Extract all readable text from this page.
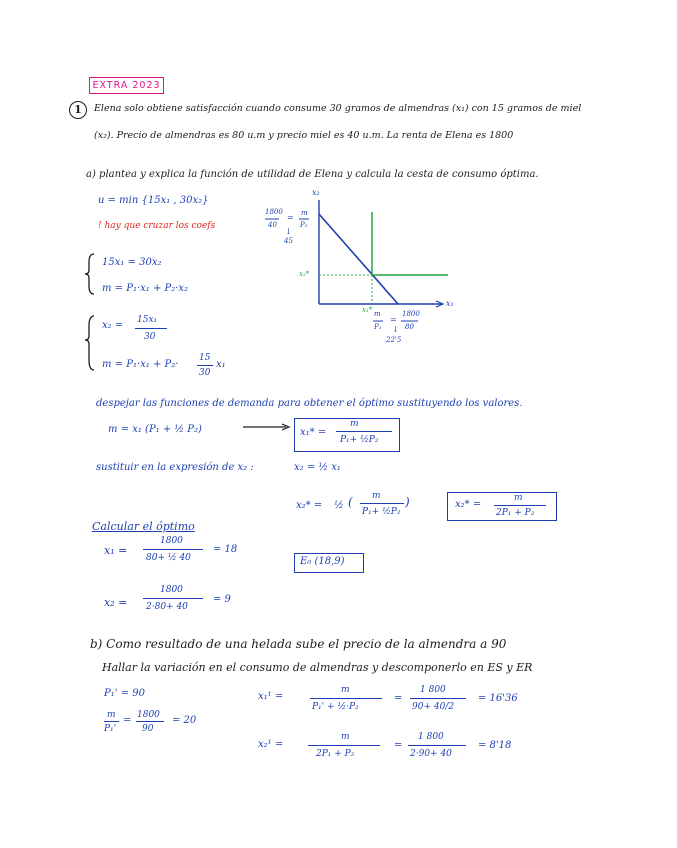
EXTRA 2023
1	Elena solo obtiene satisfacción cuando consume 30 gramos de almendras (x₁) con 15 gramos de miel
(x₂). Precio de almendras es 80 u.m y precio miel es 40 u.m. La renta de Elena es 1800
a) plantea y explica la función de utilidad de Elena y calcula la cesta de consumo óptima.
u = min {15x₁ , 30x₂}
! hay que cruzar los coefs
15x₁ = 30x₂
m = P₁·x₁ + P₂·x₂
x₂ = 15x₁
30
m = P₁·x₁ + P₂·
15
30
x₁
despejar las funciones de demanda para obtener el óptimo sustituyendo los valores.
m = x₁ (P₁ + ½ P₂)	x₁* =
m
P₁+ ½P₂
sustituir en la expresión de x₂ :	x₂ = ½ x₁
x₂* = ½ ( m
P₁+ ½P₂
)	x₂* =
m
2P₁ + P₂
Calcular el óptimo
x₁ =
1800
80+ ½ 40
= 18
x₂ =
1800
2·80+ 40
= 9
E₀ (18,9)
x₂
x₁
1800
40
= m
P₂
↓
45
m
P₁
=
1800
80
↓
22'5
x₂*
x₁*
b) Como resultado de una helada sube el precio de la almendra a 90
Hallar la variación en el consumo de almendras y descomponerlo en ES y ER
P₁' = 90
m
P₁'
= 1800
90
= 20
x₁¹ =
m
P₁' + ½·P₂
=
1 800
90+ 40/2
= 16'36
x₂¹ =
m
2P₁ + P₂
=
1 800
2·90+ 40
= 8'18
